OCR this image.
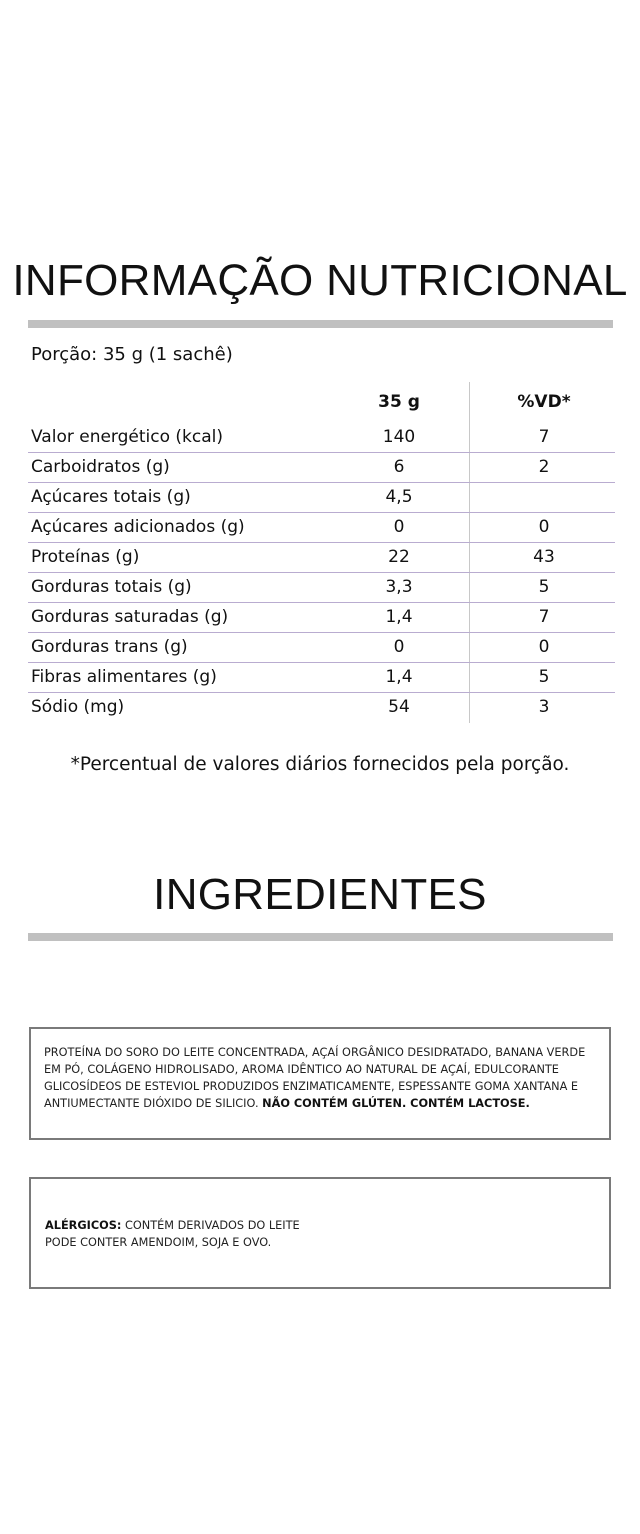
INFORMAÇÃO NUTRICIONAL
Porção: 35 g (1 sachê)
35 g	%VD*
Valor energético (kcal)	140	7
Carboidratos (g)	6	2
Açúcares totais (g)	4,5
Açúcares adicionados (g)	0	0
Proteínas (g)	22	43
Gorduras totais (g)	3,3	5
Gorduras saturadas (g)	1,4	7
Gorduras trans (g)	0	0
Fibras alimentares (g)	1,4	5
Sódio (mg)	54	3
*Percentual de valores diários fornecidos pela porção.
INGREDIENTES
PROTEÍNA DO SORO DO LEITE CONCENTRADA, AÇAÍ ORGÂNICO DESIDRATADO, BANANA VERDE EM PÓ, COLÁGENO HIDROLISADO, AROMA IDÊNTICO AO NATURAL DE AÇAÍ, EDULCORANTE GLICOSÍDEOS DE ESTEVIOL PRODUZIDOS ENZIMATICAMENTE, ESPESSANTE GOMA XANTANA E ANTIUMECTANTE DIÓXIDO DE SILICIO. NÃO CONTÉM GLÚTEN. CONTÉM LACTOSE.
ALÉRGICOS: CONTÉM DERIVADOS DO LEITE
PODE CONTER AMENDOIM, SOJA E OVO.
